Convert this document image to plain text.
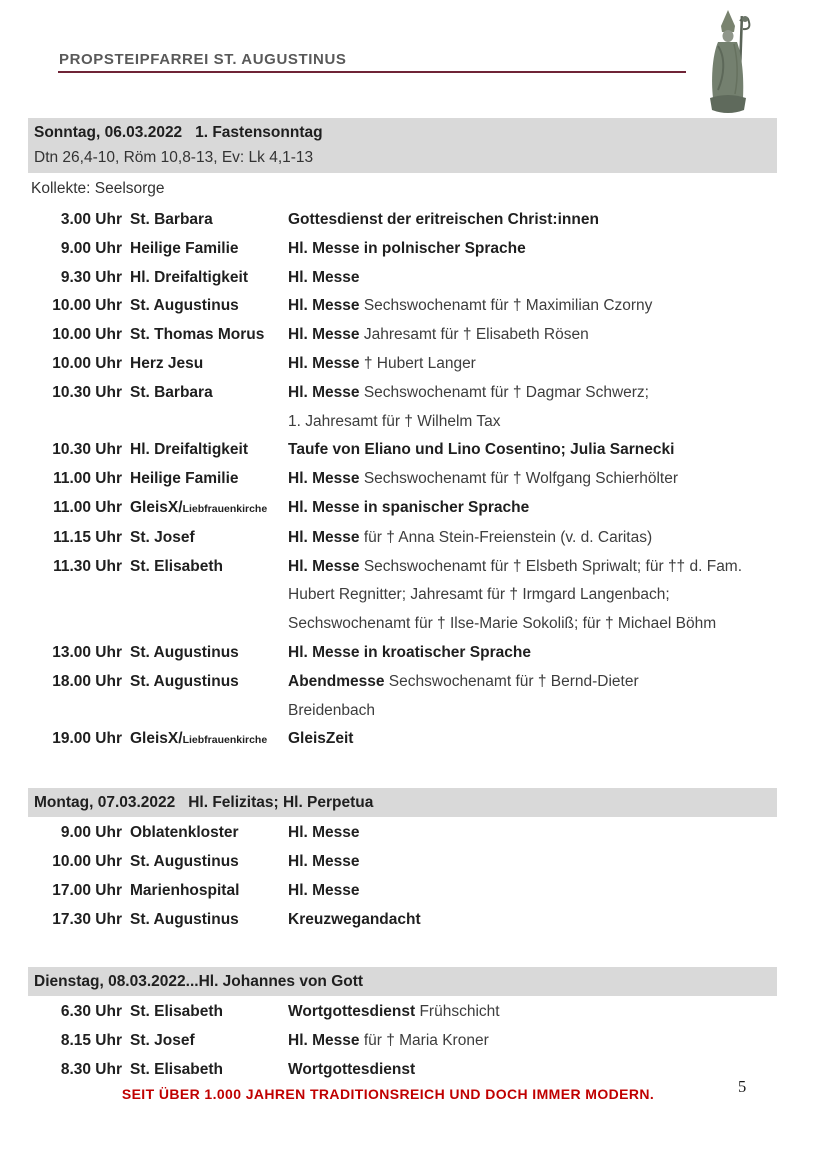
PROPSTEIPFARREI ST. AUGUSTINUS
Sonntag, 06.03.2022   1. Fastensonntag
Dtn 26,4-10, Röm 10,8-13, Ev: Lk 4,1-13
Kollekte: Seelsorge
3.00 Uhr St. Barbara	Gottesdienst der eritreischen Christ:innen
9.00 Uhr Heilige Familie	Hl. Messe in polnischer Sprache
9.30 Uhr Hl. Dreifaltigkeit	Hl. Messe
10.00 Uhr St. Augustinus	Hl. Messe Sechswochenamt für † Maximilian Czorny
10.00 Uhr St. Thomas Morus	Hl. Messe Jahresamt für † Elisabeth Rösen
10.00 Uhr Herz Jesu	Hl. Messe † Hubert Langer
10.30 Uhr St. Barbara	Hl. Messe Sechswochenamt für † Dagmar Schwerz;
1. Jahresamt für † Wilhelm Tax
10.30 Uhr Hl. Dreifaltigkeit	Taufe von Eliano und Lino Cosentino; Julia Sarnecki
11.00 Uhr Heilige Familie	Hl. Messe Sechswochenamt für † Wolfgang Schierhölter
11.00 Uhr GleisX/Liebfrauenkirche	Hl. Messe in spanischer Sprache
11.15 Uhr St. Josef	Hl. Messe für † Anna Stein-Freienstein (v. d. Caritas)
11.30 Uhr St. Elisabeth	Hl. Messe Sechswochenamt für † Elsbeth Spriwalt; für †† d. Fam.
Hubert Regnitter; Jahresamt für † Irmgard Langenbach;
Sechswochenamt für † Ilse-Marie Sokoliß; für † Michael Böhm
13.00 Uhr St. Augustinus	Hl. Messe in kroatischer Sprache
18.00 Uhr St. Augustinus	Abendmesse Sechswochenamt für † Bernd-Dieter
Breidenbach
19.00 Uhr GleisX/Liebfrauenkirche	GleisZeit
Montag, 07.03.2022   Hl. Felizitas; Hl. Perpetua
9.00 Uhr Oblatenkloster	Hl. Messe
10.00 Uhr St. Augustinus	Hl. Messe
17.00 Uhr Marienhospital	Hl. Messe
17.30 Uhr St. Augustinus	Kreuzwegandacht
Dienstag, 08.03.2022...Hl. Johannes von Gott
6.30 Uhr St. Elisabeth	Wortgottesdienst Frühschicht
8.15 Uhr St. Josef	Hl. Messe für † Maria Kroner
8.30 Uhr St. Elisabeth	Wortgottesdienst
SEIT ÜBER 1.000 JAHREN TRADITIONSREICH UND DOCH IMMER MODERN.	5
